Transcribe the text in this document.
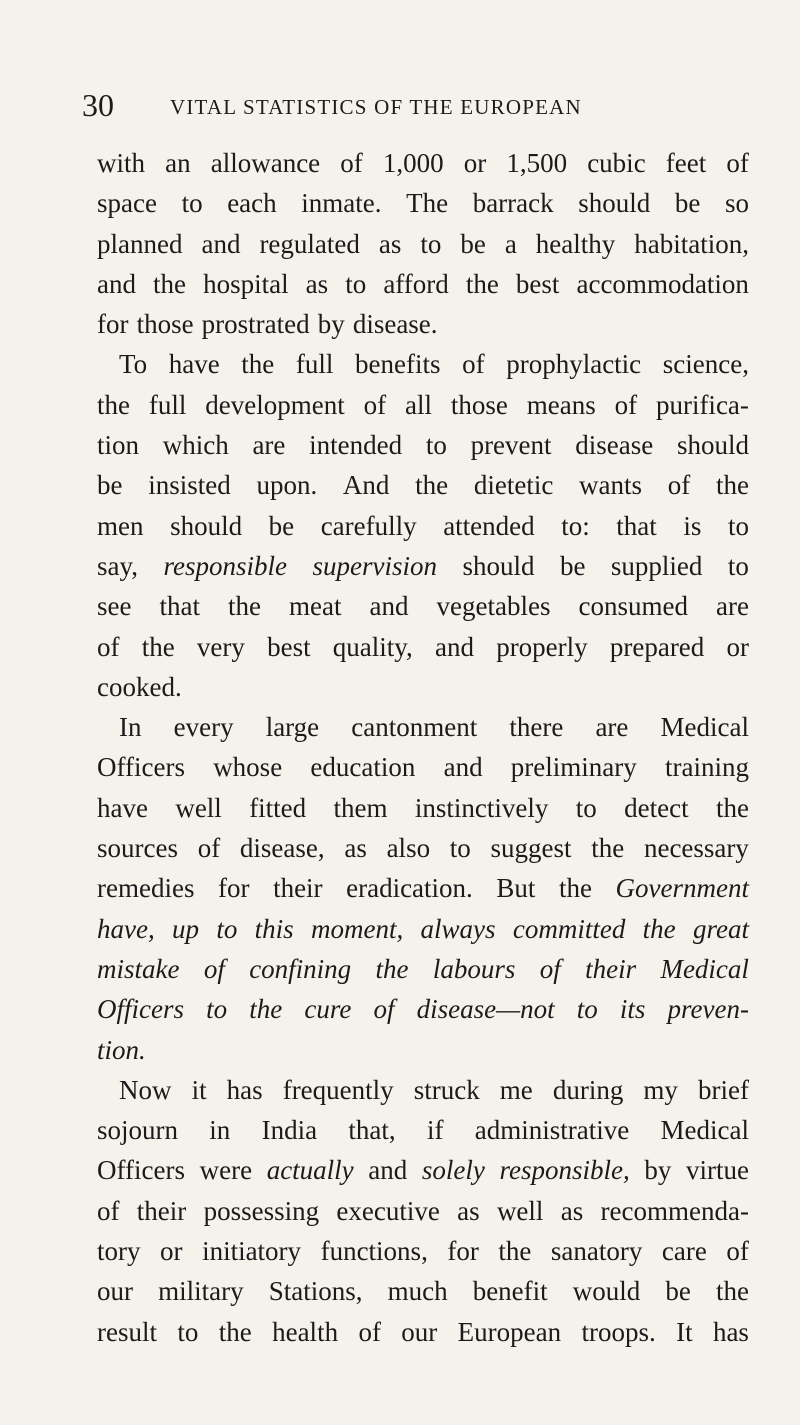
30	VITAL STATISTICS OF THE EUROPEAN
with an allowance of 1,000 or 1,500 cubic feet of
space to each inmate. The barrack should be so
planned and regulated as to be a healthy habitation,
and the hospital as to afford the best accommodation
for those prostrated by disease.
To have the full benefits of prophylactic science,
the full development of all those means of purifica-
tion which are intended to prevent disease should
be insisted upon. And the dietetic wants of the
men should be carefully attended to: that is to
say, responsible supervision should be supplied to
see that the meat and vegetables consumed are
of the very best quality, and properly prepared or
cooked.
In every large cantonment there are Medical
Officers whose education and preliminary training
have well fitted them instinctively to detect the
sources of disease, as also to suggest the necessary
remedies for their eradication. But the Government
have, up to this moment, always committed the great
mistake of confining the labours of their Medical
Officers to the cure of disease—not to its preven-
tion.
Now it has frequently struck me during my brief
sojourn in India that, if administrative Medical
Officers were actually and solely responsible, by virtue
of their possessing executive as well as recommenda-
tory or initiatory functions, for the sanatory care of
our military Stations, much benefit would be the
result to the health of our European troops. It has
